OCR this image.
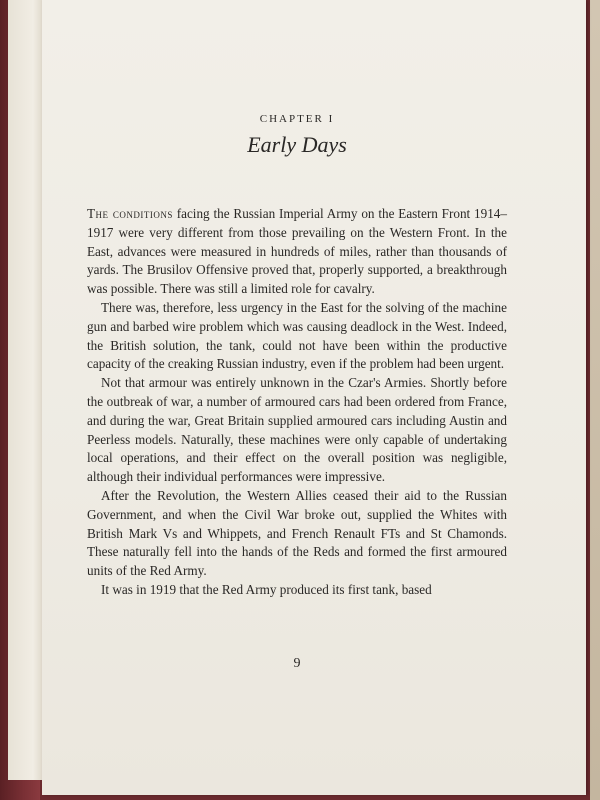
CHAPTER I
Early Days

The conditions facing the Russian Imperial Army on the Eastern Front 1914–1917 were very different from those prevailing on the Western Front. In the East, advances were measured in hundreds of miles, rather than thousands of yards. The Brusilov Offensive proved that, properly supported, a breakthrough was possible. There was still a limited role for cavalry.

There was, therefore, less urgency in the East for the solving of the machine gun and barbed wire problem which was causing deadlock in the West. Indeed, the British solution, the tank, could not have been within the productive capacity of the creaking Russian industry, even if the problem had been urgent.

Not that armour was entirely unknown in the Czar's Armies. Shortly before the outbreak of war, a number of armoured cars had been ordered from France, and during the war, Great Britain supplied armoured cars including Austin and Peerless models. Naturally, these machines were only capable of undertaking local operations, and their effect on the overall position was negligible, although their individual performances were impressive.

After the Revolution, the Western Allies ceased their aid to the Russian Government, and when the Civil War broke out, supplied the Whites with British Mark Vs and Whippets, and French Renault FTs and St Chamonds. These naturally fell into the hands of the Reds and formed the first armoured units of the Red Army.

It was in 1919 that the Red Army produced its first tank, based

9
